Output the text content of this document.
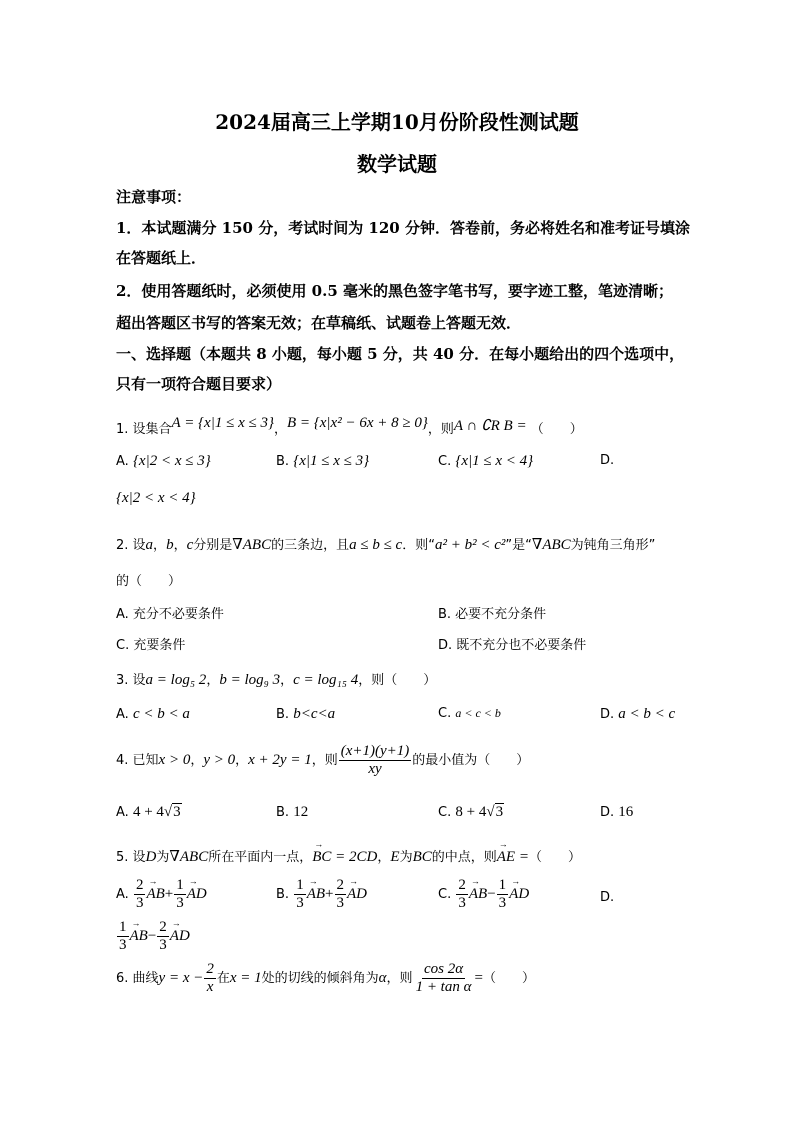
2024届高三上学期10月份阶段性测试题
数学试题
注意事项：
1．本试题满分 150 分，考试时间为 120 分钟．答卷前，务必将姓名和准考证号填涂
在答题纸上．
2．使用答题纸时，必须使用 0.5 毫米的黑色签字笔书写，要字迹工整，笔迹清晰；
超出答题区书写的答案无效；在草稿纸、试题卷上答题无效．
一、选择题（本题共 8 小题，每小题 5 分，共 40 分．在每小题给出的四个选项中，
只有一项符合题目要求）
1. 设集合A = {x|1 ≤ x ≤ 3}，B = {x|x² − 6x + 8 ≥ 0}，则A ∩ ∁R B = （　　）
A. {x|2 < x ≤ 3}	B. {x|1 ≤ x ≤ 3}	C. {x|1 ≤ x < 4}	D.
{x|2 < x < 4}
2. 设a，b，c分别是∇ABC的三条边，且a ≤ b ≤ c．则“a² + b² < c²”是“∇ABC为钝角三角形”
的（　　）
A. 充分不必要条件	B. 必要不充分条件
C. 充要条件	D. 既不充分也不必要条件
3. 设a = log₅ 2，b = log₉ 3，c = log₁₅ 4，则（　　）
A. c < b < a	B. b<c<a	C. a < c < b	D. a < b < c
4. 已知x > 0，y > 0，x + 2y = 1，则 $\frac{(x+1)(y+1)}{xy}$ 的最小值为（　　）
A. 4 + 4√3	B. 12	C. 8 + 4√3	D. 16
5. 设D为∇ABC所在平面内一点，→ BC = 2CD，E为BC的中点，则→ AE =（　　）
A. $\frac{2}{3}$
→ $AB+ \frac{1}{3}$
→ AD	B. $\frac{1}{3}$
→ $AB+ \frac{2}{3}$
→ AD	C. $\frac{2}{3}$
→ $AB- \frac{1}{3}$
→ AD	D.
$\frac{1}{3}$
→ $AB- \frac{2}{3}$
→ AD
6. 曲线$y = x - \frac{2}{x}$ 在x = 1处的切线的倾斜角为α，则 $\frac{\cos 2\alpha}{\text{1 + tan α}}$ =（　　）
